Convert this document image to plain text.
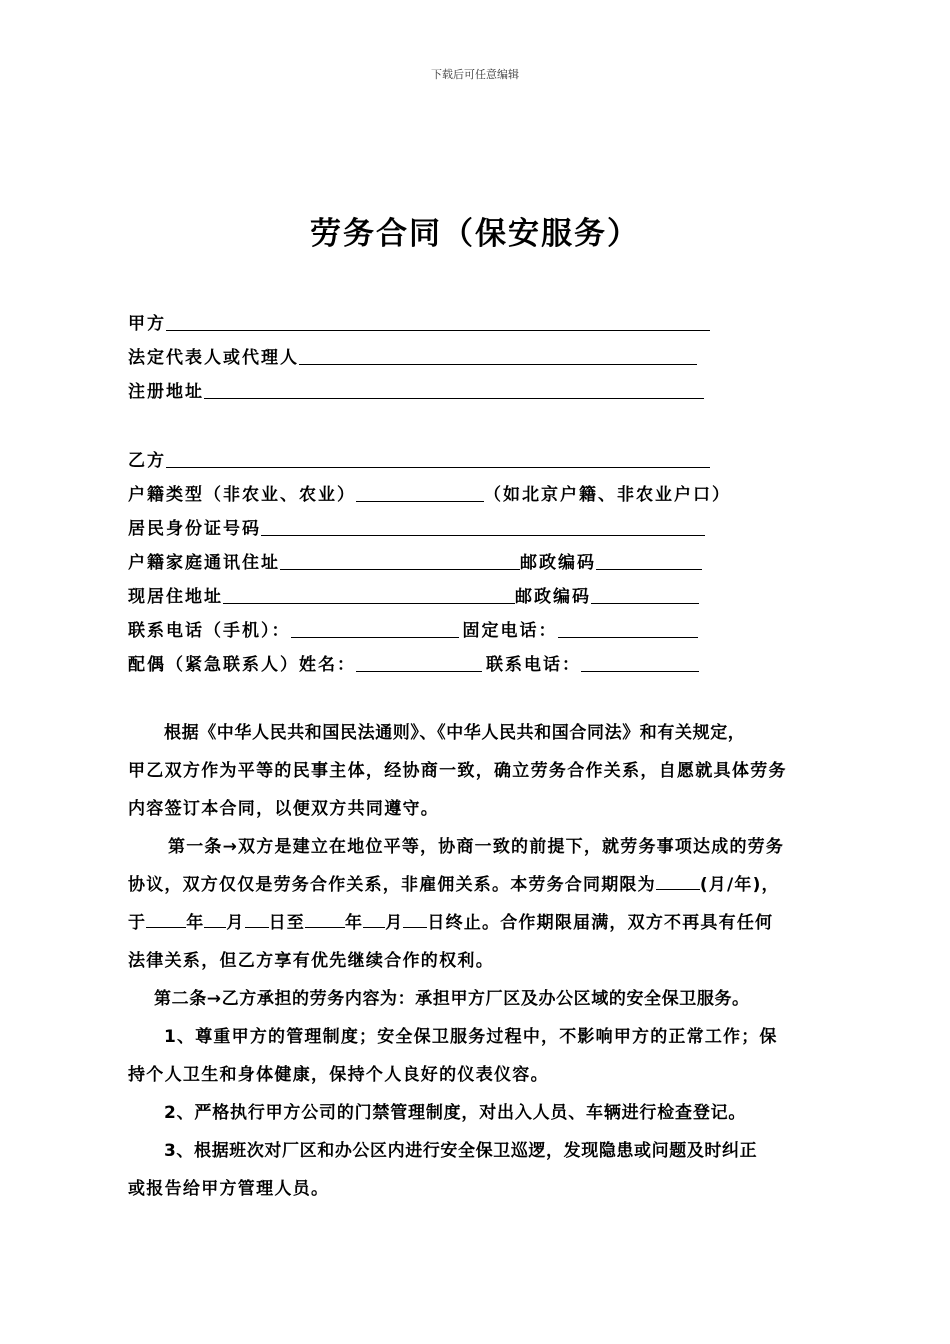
下载后可任意编辑
劳务合同（保安服务）
甲方
法定代表人或代理人
注册地址
乙方
户籍类型（非农业、农业）	（如北京户籍、非农业户口）
居民身份证号码
户籍家庭通讯住址	邮政编码
现居住地址	邮政编码
联系电话（手机）：	固定电话：
配偶（紧急联系人）姓名：	联系电话：
根据《中华人民共和国民法通则》、《中华人民共和国合同法》和有关规定，
甲乙双方作为平等的民事主体，经协商一致，确立劳务合作关系，自愿就具体劳务
内容签订本合同，以便双方共同遵守。
第一条→双方是建立在地位平等，协商一致的前提下，就劳务事项达成的劳务
协议，双方仅仅是劳务合作关系，非雇佣关系。本劳务合同期限为	(月/年)，
于 年 月 日至 年 月 日终止。合作期限届满，双方不再具有任何
法律关系，但乙方享有优先继续合作的权利。
第二条→乙方承担的劳务内容为：承担甲方厂区及办公区域的安全保卫服务。
1、尊重甲方的管理制度；安全保卫服务过程中，不影响甲方的正常工作；保
持个人卫生和身体健康，保持个人良好的仪表仪容。
2、严格执行甲方公司的门禁管理制度，对出入人员、车辆进行检查登记。
3、根据班次对厂区和办公区内进行安全保卫巡逻，发现隐患或问题及时纠正
或报告给甲方管理人员。
